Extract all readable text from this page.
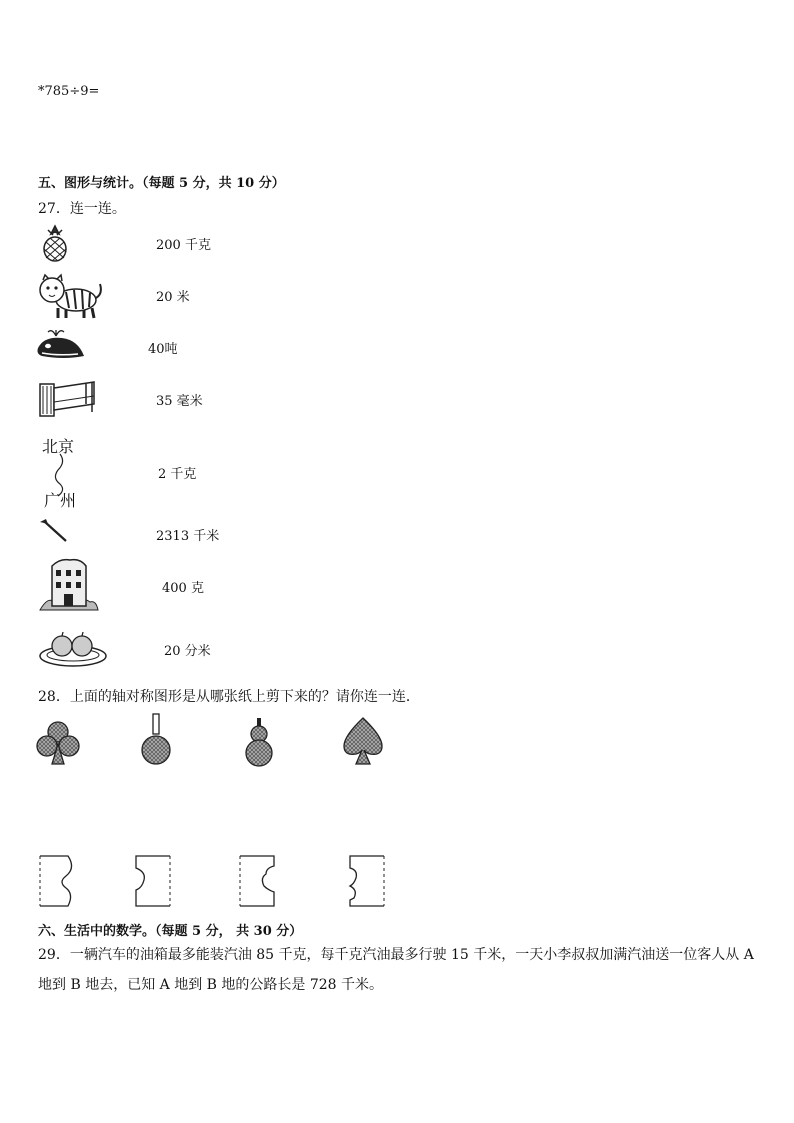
*785÷9=
五、图形与统计。（每题 5 分，共 10 分）
27．连一连。
北京
广州
200 千克
20 米
40吨
35 毫米
2 千克
2313 千米
400 克
20 分米
28．上面的轴对称图形是从哪张纸上剪下来的？请你连一连．
六、生活中的数学。（每题 5 分， 共 30 分）
29．一辆汽车的油箱最多能装汽油 85 千克，每千克汽油最多行驶 15 千米，一天小李叔叔加满汽油送一位客人从 A 地到 B 地去，已知 A 地到 B 地的公路长是 728 千米。
